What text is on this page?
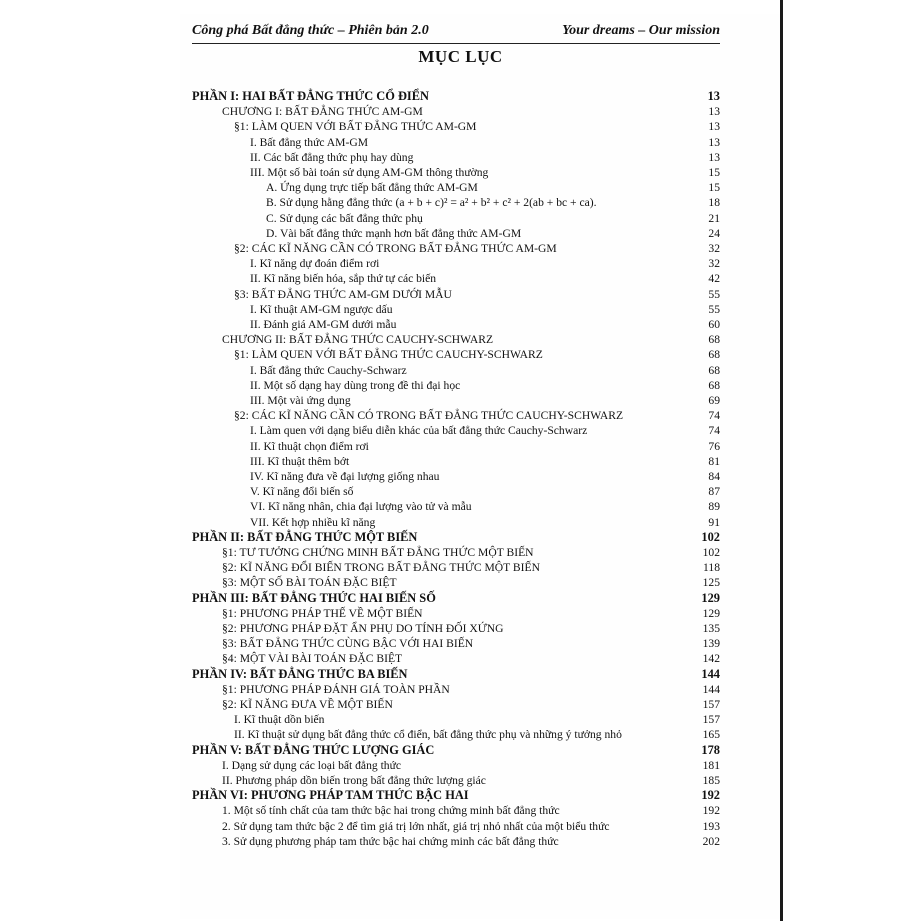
Công phá Bất đẳng thức – Phiên bản 2.0	Your dreams – Our mission
MỤC LỤC
PHẦN I: HAI BẤT ĐẲNG THỨC CỔ ĐIỂN	13
CHƯƠNG I: BẤT ĐẲNG THỨC AM-GM	13
§1: LÀM QUEN VỚI BẤT ĐẲNG THỨC AM-GM	13
I. Bất đẳng thức AM-GM	13
II. Các bất đẳng thức phụ hay dùng	13
III. Một số bài toán sử dụng AM-GM thông thường	15
A. Ứng dụng trực tiếp bất đẳng thức AM-GM	15
B. Sử dụng hằng đẳng thức (a + b + c)² = a² + b² + c² + 2(ab + bc + ca).	18
C. Sử dụng các bất đẳng thức phụ	21
D. Vài bất đẳng thức mạnh hơn bất đẳng thức AM-GM	24
§2: CÁC KĨ NĂNG CẦN CÓ TRONG BẤT ĐẲNG THỨC AM-GM	32
I. Kĩ năng dự đoán điểm rơi	32
II. Kĩ năng biến hóa, sắp thứ tự các biến	42
§3: BẤT ĐẲNG THỨC AM-GM DƯỚI MẪU	55
I. Kĩ thuật AM-GM ngược dấu	55
II. Đánh giá AM-GM dưới mẫu	60
CHƯƠNG II: BẤT ĐẲNG THỨC CAUCHY-SCHWARZ	68
§1: LÀM QUEN VỚI BẤT ĐẲNG THỨC CAUCHY-SCHWARZ	68
I. Bất đẳng thức Cauchy-Schwarz	68
II. Một số dạng hay dùng trong đề thi đại học	68
III. Một vài ứng dụng	69
§2: CÁC KĨ NĂNG CẦN CÓ TRONG BẤT ĐẲNG THỨC CAUCHY-SCHWARZ	74
I. Làm quen với dạng biểu diễn khác của bất đẳng thức Cauchy-Schwarz	74
II. Kĩ thuật chọn điểm rơi	76
III. Kĩ thuật thêm bớt	81
IV. Kĩ năng đưa về đại lượng giống nhau	84
V. Kĩ năng đổi biến số	87
VI. Kĩ năng nhân, chia đại lượng vào tử và mẫu	89
VII. Kết hợp nhiều kĩ năng	91
PHẦN II: BẤT ĐẲNG THỨC MỘT BIẾN	102
§1: TƯ TƯỞNG CHỨNG MINH BẤT ĐẲNG THỨC MỘT BIẾN	102
§2: KĨ NĂNG ĐỔI BIẾN TRONG BẤT ĐẲNG THỨC MỘT BIẾN	118
§3: MỘT SỐ BÀI TOÁN ĐẶC BIỆT	125
PHẦN III: BẤT ĐẲNG THỨC HAI BIẾN SỐ	129
§1: PHƯƠNG PHÁP THẾ VỀ MỘT BIẾN	129
§2: PHƯƠNG PHÁP ĐẶT ẨN PHỤ DO TÍNH ĐỐI XỨNG	135
§3: BẤT ĐẲNG THỨC CÙNG BẬC VỚI HAI BIẾN	139
§4: MỘT VÀI BÀI TOÁN ĐẶC BIỆT	142
PHẦN IV: BẤT ĐẲNG THỨC BA BIẾN	144
§1: PHƯƠNG PHÁP ĐÁNH GIÁ TOÀN PHẦN	144
§2: KĨ NĂNG ĐƯA VỀ MỘT BIẾN	157
I. Kĩ thuật dồn biến	157
II. Kĩ thuật sử dụng bất đẳng thức cổ điển, bất đẳng thức phụ và những ý tưởng nhỏ	165
PHẦN V: BẤT ĐẲNG THỨC LƯỢNG GIÁC	178
I. Dạng sử dụng các loại bất đẳng thức	181
II. Phương pháp dồn biến trong bất đẳng thức lượng giác	185
PHẦN VI: PHƯƠNG PHÁP TAM THỨC BẬC HAI	192
1. Một số tính chất của tam thức bậc hai trong chứng minh bất đẳng thức	192
2. Sử dụng tam thức bậc 2 để tìm giá trị lớn nhất, giá trị nhỏ nhất của một biểu thức	193
3. Sử dụng phương pháp tam thức bậc hai chứng minh các bất đẳng thức	202
